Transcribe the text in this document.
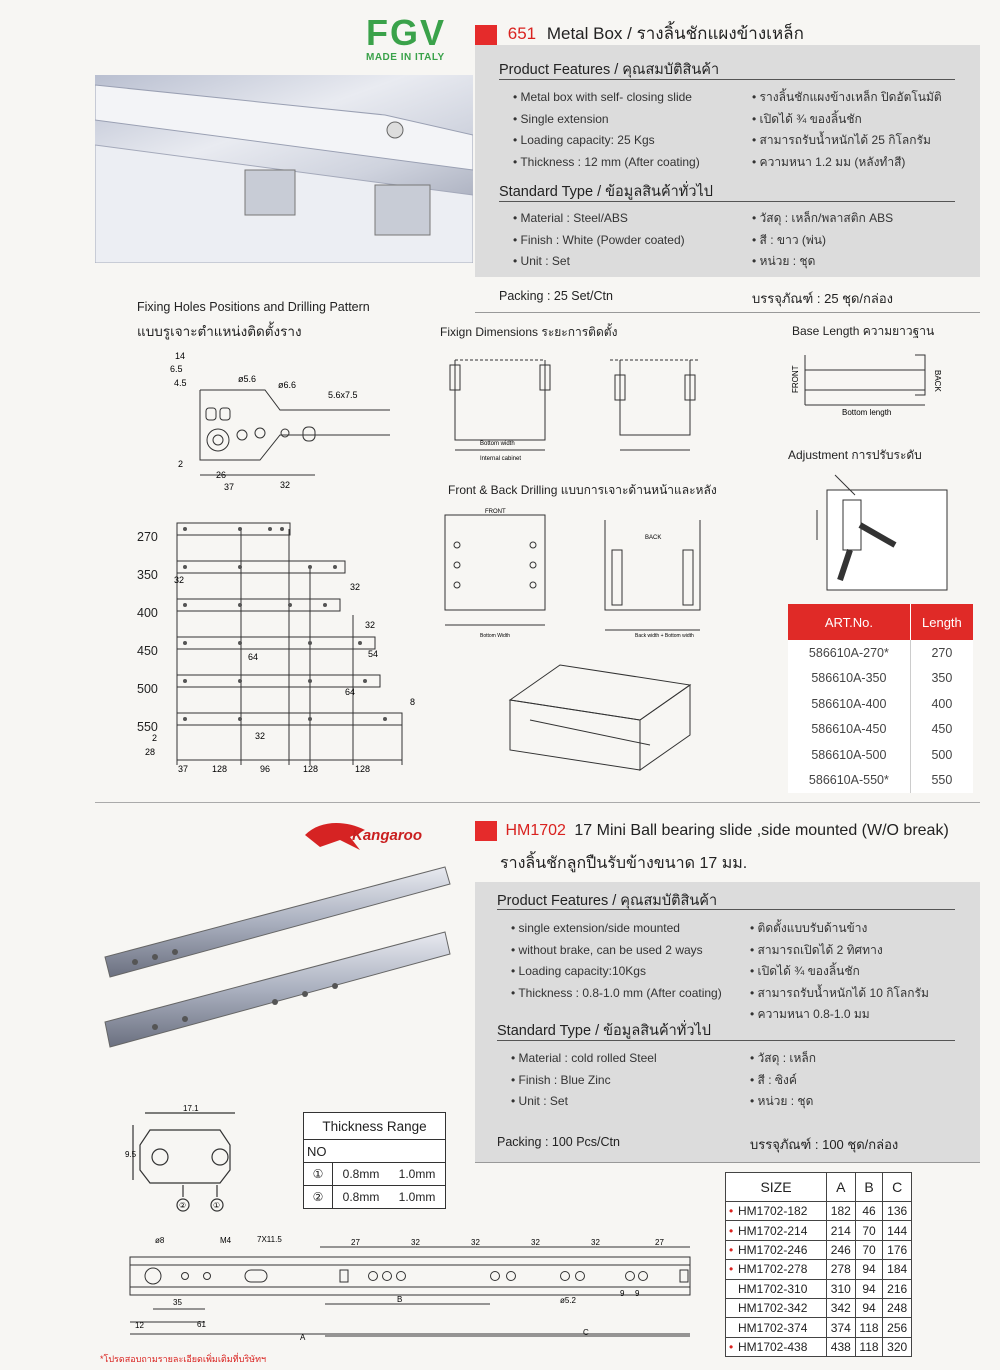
FGV
MADE IN ITALY
651 Metal Box / รางลิ้นชักแผงข้างเหล็ก
Product Features / คุณสมบัติสินค้า
• Metal box with self- closing slide
• Single extension
• Loading capacity: 25 Kgs
• Thickness : 12 mm (After coating)
• รางลิ้นชักแผงข้างเหล็ก ปิดอัตโนมัติ
• เปิดได้ ¾ ของลิ้นชัก
• สามารถรับน้ำหนักได้ 25 กิโลกรัม
• ความหนา 1.2 มม (หลังทำสี)
Standard Type / ข้อมูลสินค้าทั่วไป
• Material : Steel/ABS
• Finish : White (Powder coated)
• Unit : Set
• วัสดุ : เหล็ก/พลาสติก ABS
• สี : ขาว (พ่น)
• หน่วย : ชุด
Packing : 25 Set/Ctn	บรรจุภัณฑ์ : 25 ชุด/กล่อง
Fixing Holes Positions and Drilling Pattern
แบบรูเจาะตำแหน่งติดตั้งราง
14
6.5
4.5	ø5.6
ø6.6
5.6x7.5
2
26
37	32
270
350
400
450
500
550
2
28
37	128	96	128	128
32
32
64
32
54
64
8
32
Fixign Dimensions ระยะการติดตั้ง
Bottom width
Internal cabinet
Base Length ความยาวฐาน
FRONT	BACK
Bottom length
Front & Back Drilling แบบการเจาะด้านหน้าและหลัง
FRONT
BACK
Back width + Bottom width
Bottom Width
Adjustment การปรับระดับ
ART.No.	Length
586610A-270*	270
586610A-350	350
586610A-400	400
586610A-450	450
586610A-500	500
586610A-550*	550
Kangaroo	HM1702 17 Mini Ball bearing slide ,side mounted (W/O break)
รางลิ้นชักลูกปืนรับข้างขนาด 17 มม.
Product Features / คุณสมบัติสินค้า
• single extension/side mounted
• without brake, can be used 2 ways
• Loading capacity:10Kgs
• Thickness : 0.8-1.0 mm (After coating)
• ติดตั้งแบบรับด้านข้าง
• สามารถเปิดได้ 2 ทิศทาง
• เปิดได้ ¾ ของลิ้นชัก
• สามารถรับน้ำหนักได้ 10 กิโลกรัม
• ความหนา 0.8-1.0 มม
Standard Type / ข้อมูลสินค้าทั่วไป
• Material : cold rolled Steel
• Finish : Blue Zinc
• Unit : Set
• วัสดุ : เหล็ก
• สี : ซิงค์
• หน่วย : ชุด
Packing : 100 Pcs/Ctn	บรรจุภัณฑ์ : 100 ชุด/กล่อง
17.1
9.5
②	①
Thickness Range		
NO		
①	0.8mm	1.0mm
②	0.8mm	1.0mm
ø8	M4	7X11.5	27	32	32	32	32	27
35
61
12
B
A
C
ø5.2
9 9
SIZE	A	B	C
• HM1702-182	182	46	136
• HM1702-214	214	70	144
• HM1702-246	246	70	176
• HM1702-278	278	94	184
HM1702-310	310	94	216
HM1702-342	342	94	248
HM1702-374	374	118	256
• HM1702-438	438	118	320
*โปรดสอบถามรายละเอียดเพิ่มเติมที่บริษัทฯ
